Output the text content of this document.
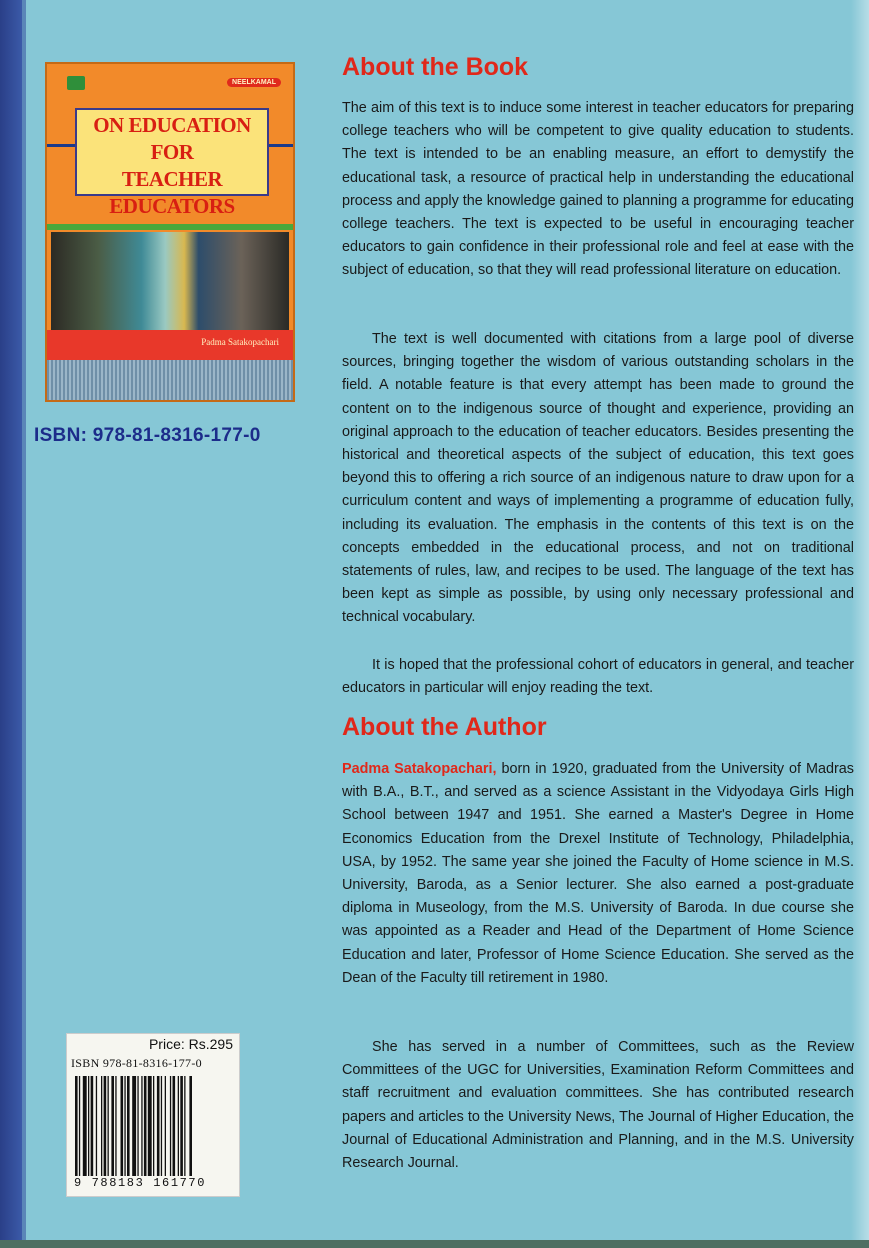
NEELKAMAL
ON EDUCATION
FOR
TEACHER EDUCATORS
Padma Satakopachari
ISBN: 978-81-8316-177-0
About the Book

The aim of this text is to induce some interest in teacher educators for preparing college teachers who will be competent to give quality education to students. The text is intended to be an enabling measure, an effort to demystify the educational task, a resource of practical help in understanding the educational process and apply the knowledge gained to planning a programme for educating college teachers. The text is expected to be useful in encouraging teacher educators to gain confidence in their professional role and feel at ease with the subject of education, so that they will read professional literature on education.

The text is well documented with citations from a large pool of diverse sources, bringing together the wisdom of various outstanding scholars in the field. A notable feature is that every attempt has been made to ground the content on to the indigenous source of thought and experience, providing an original approach to the education of teacher educators. Besides presenting the historical and theoretical aspects of the subject of education, this text goes beyond this to offering a rich source of an indigenous nature to draw upon for a curriculum content and ways of implementing a programme of education fully, including its evaluation. The emphasis in the contents of this text is on the concepts embedded in the educational process, and not on traditional statements of rules, law, and recipes to be used. The language of the text has been kept as simple as possible, by using only necessary professional and technical vocabulary.

It is hoped that the professional cohort of educators in general, and teacher educators in particular will enjoy reading the text.

About the Author

Padma Satakopachari, born in 1920, graduated from the University of Madras with B.A., B.T., and served as a science Assistant in the Vidyodaya Girls High School between 1947 and 1951. She earned a Master's Degree in Home Economics Education from the Drexel Institute of Technology, Philadelphia, USA, by 1952. The same year she joined the Faculty of Home science in M.S. University, Baroda, as a Senior lecturer. She also earned a post-graduate diploma in Museology, from the M.S. University of Baroda. In due course she was appointed as a Reader and Head of the Department of Home Science Education and later, Professor of Home Science Education. She served as the Dean of the Faculty till retirement in 1980.

She has served in a number of Committees, such as the Review Committees of the UGC for Universities, Examination Reform Committees and staff recruitment and evaluation committees. She has contributed research papers and articles to the University News, The Journal of Higher Education, the Journal of Educational Administration and Planning, and in the M.S. University Research Journal.

Price: Rs.295
ISBN 978-81-8316-177-0
9 788183 161770
